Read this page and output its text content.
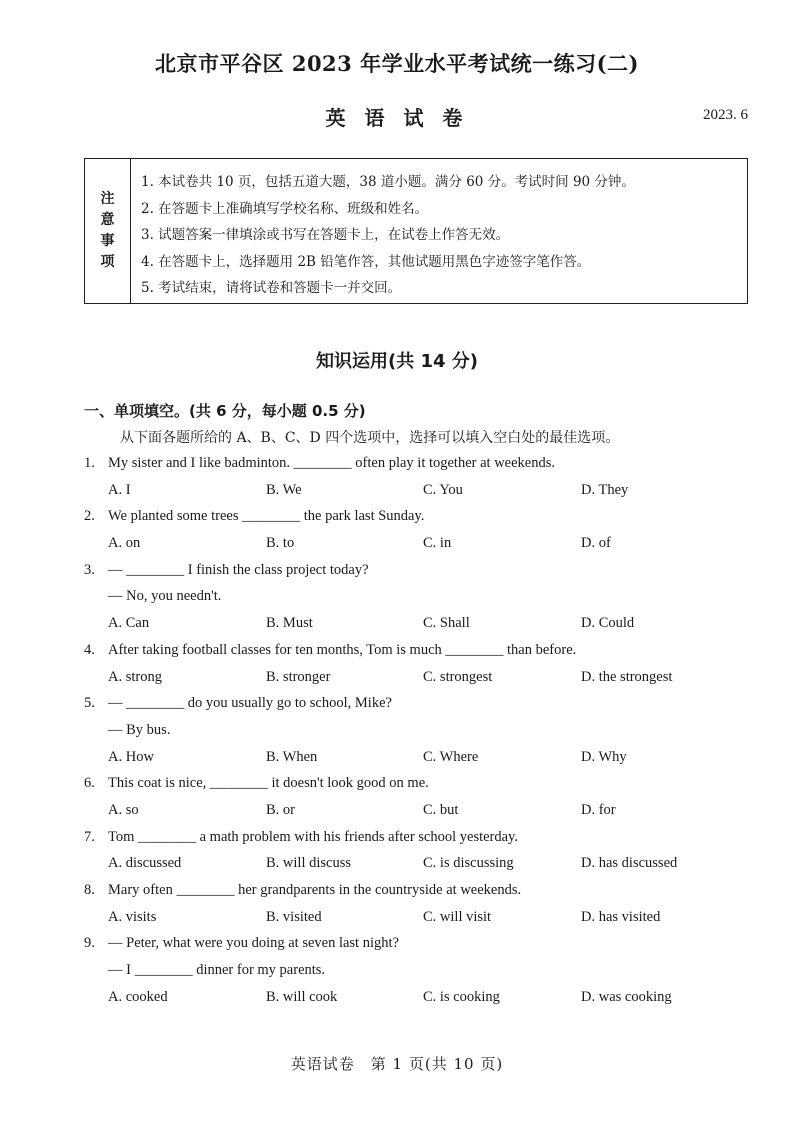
北京市平谷区 2023 年学业水平考试统一练习(二)
英 语 试 卷	2023. 6
注
意
事
项
1. 本试卷共 10 页，包括五道大题，38 道小题。满分 60 分。考试时间 90 分钟。
2. 在答题卡上准确填写学校名称、班级和姓名。
3. 试题答案一律填涂或书写在答题卡上，在试卷上作答无效。
4. 在答题卡上，选择题用 2B 铅笔作答，其他试题用黑色字迹签字笔作答。
5. 考试结束，请将试卷和答题卡一并交回。
知识运用(共 14 分)
一、单项填空。(共 6 分，每小题 0.5 分)
从下面各题所给的 A、B、C、D 四个选项中，选择可以填入空白处的最佳选项。
1. My sister and I like badminton. ________ often play it together at weekends.
A. I	B. We	C. You	D. They
2. We planted some trees ________ the park last Sunday.
A. on	B. to	C. in	D. of
3. — ________ I finish the class project today?
— No, you needn't.
A. Can	B. Must	C. Shall	D. Could
4. After taking football classes for ten months, Tom is much ________ than before.
A. strong	B. stronger	C. strongest	D. the strongest
5. — ________ do you usually go to school, Mike?
— By bus.
A. How	B. When	C. Where	D. Why
6. This coat is nice, ________ it doesn't look good on me.
A. so	B. or	C. but	D. for
7. Tom ________ a math problem with his friends after school yesterday.
A. discussed	B. will discuss	C. is discussing	D. has discussed
8. Mary often ________ her grandparents in the countryside at weekends.
A. visits	B. visited	C. will visit	D. has visited
9. — Peter, what were you doing at seven last night?
— I ________ dinner for my parents.
A. cooked	B. will cook	C. is cooking	D. was cooking
英语试卷　第 1 页(共 10 页)
